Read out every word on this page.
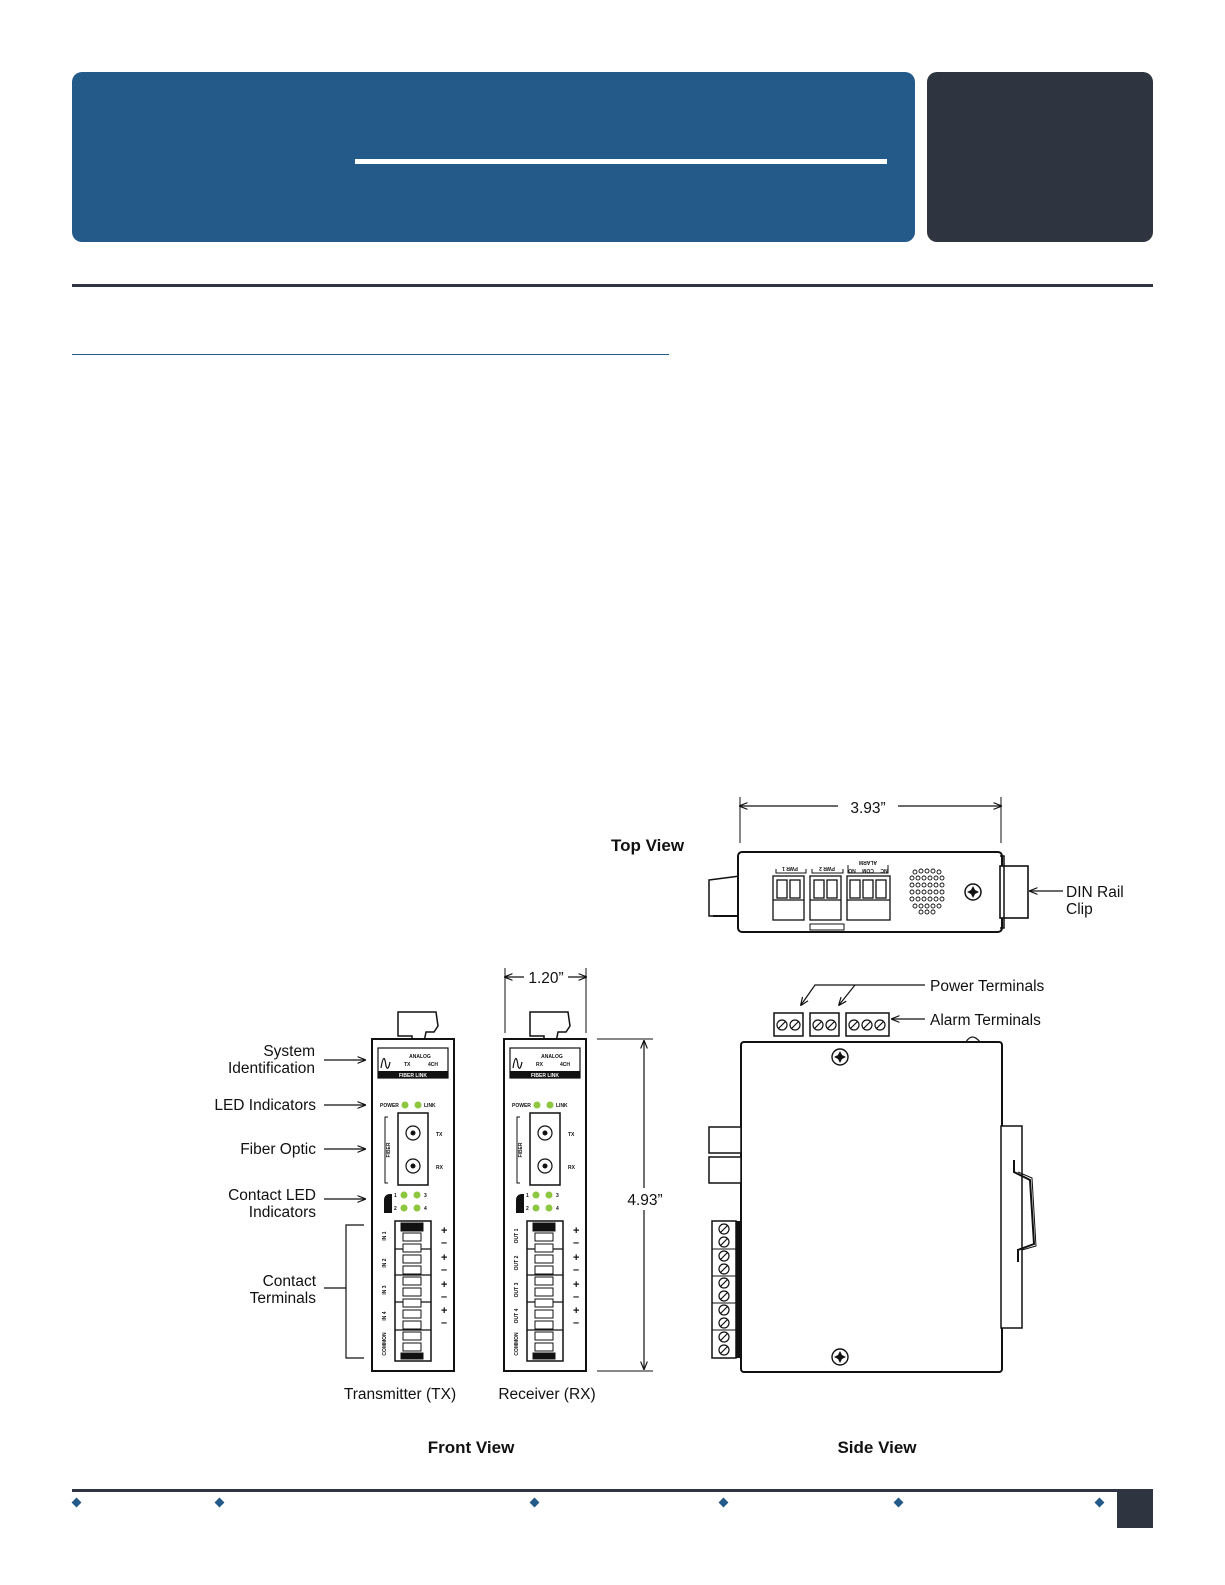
Top View
3.93”
PWR 1	PWR 2
ALARM
NO COM NC
DIN Rail
Clip
System
Identification
LED Indicators
Fiber Optic
Contact LED
Indicators
Contact
Terminals
ANALOG
TX	4CH
FIBER LINK
POWER	LINK
FIBER
TX
RX
1
2
3
4
IN 1
IN 2
IN 3
IN 4
COMMON
+
–
+
–
+
–
+
–
ANALOG
RX	4CH
FIBER LINK
POWER	LINK
FIBER
TX
RX
1
2
3
4
OUT 1
OUT 2
OUT 3
OUT 4
COMMON
+
–
+
–
+
–
+
–
1.20”
4.93”
Transmitter (TX)	Receiver (RX)
Front View
Power Terminals
Alarm Terminals
Side View
